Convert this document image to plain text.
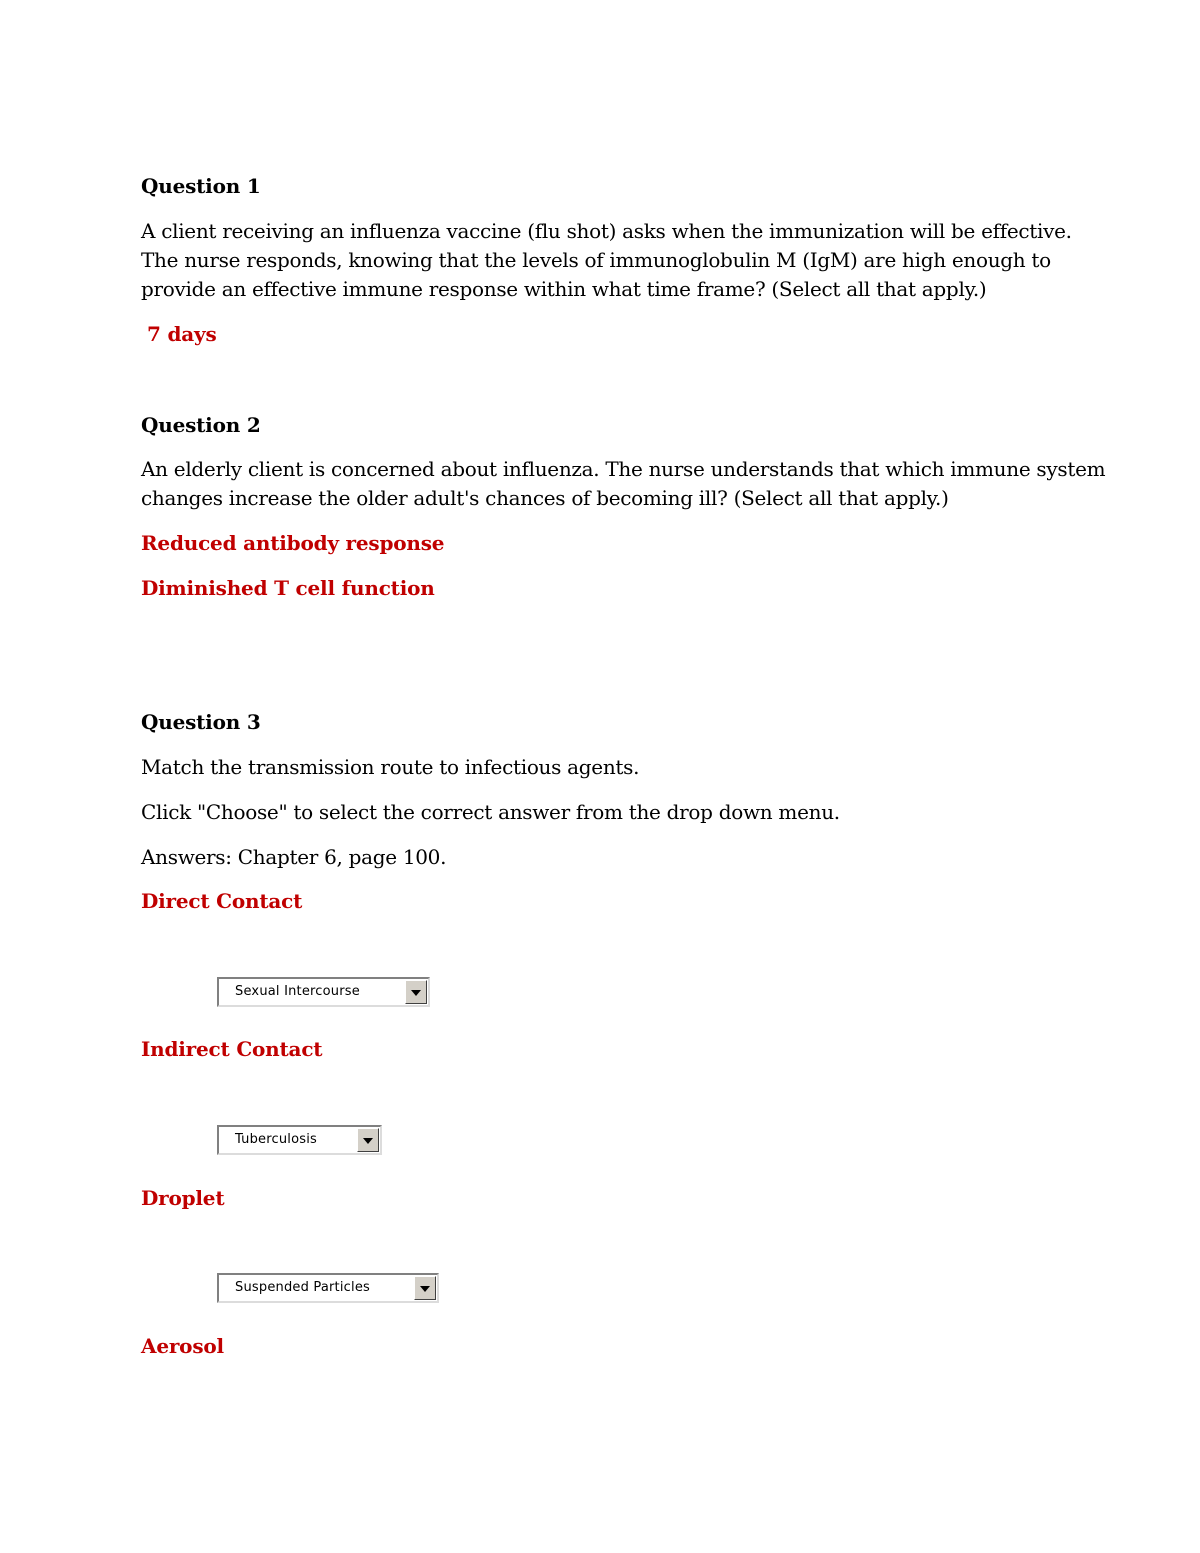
Question 1
A client receiving an influenza vaccine (flu shot) asks when the immunization will be effective.
The nurse responds, knowing that the levels of immunoglobulin M (IgM) are high enough to
provide an effective immune response within what time frame? (Select all that apply.)
7 days
Question 2
An elderly client is concerned about influenza. The nurse understands that which immune system
changes increase the older adult's chances of becoming ill? (Select all that apply.)
Reduced antibody response
Diminished T cell function
Question 3
Match the transmission route to infectious agents.
Click "Choose" to select the correct answer from the drop down menu.
Answers: Chapter 6, page 100.
Direct Contact
Sexual Intercourse
Indirect Contact
Tuberculosis
Droplet
Suspended Particles
Aerosol
